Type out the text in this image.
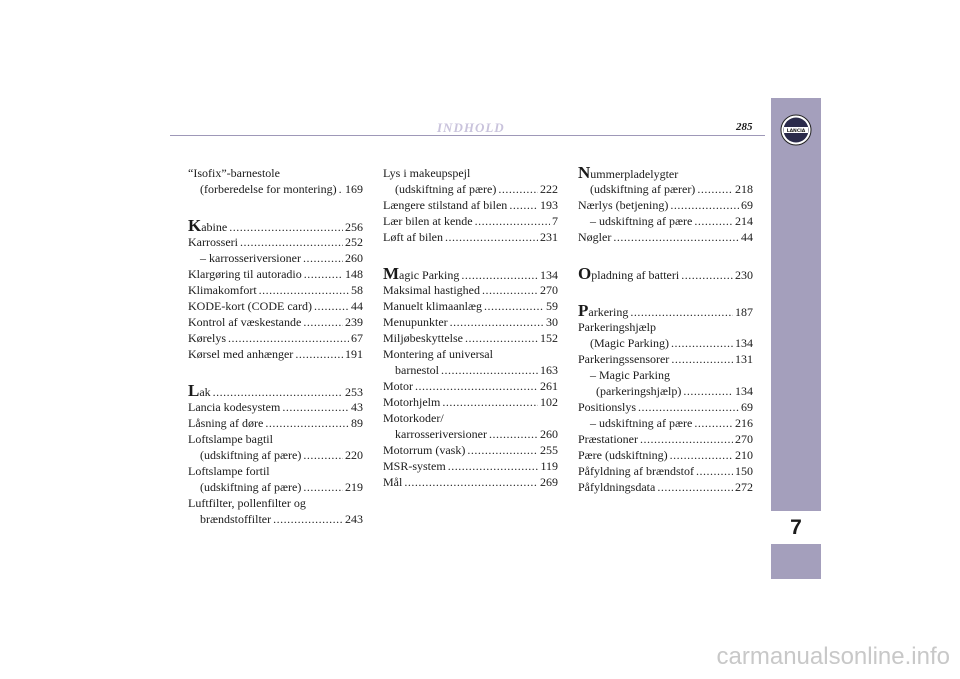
INDHOLD	285	LANCIA
7
“Isofix”-barnestole
(forberedelse for montering) ..... 169
Kabine .....	256
Karrosseri .....	252
– karrosseriversioner .....	260
Klargøring til autoradio .....	148
Klimakomfort .....	58
KODE-kort (CODE card) .....	44
Kontrol af væskestande .....	239
Kørelys .....	67
Kørsel med anhænger .....	191
Lak .....	253
Lancia kodesystem .....	43
Låsning af døre .....	89
Loftslampe bagtil
(udskiftning af pære) .....	220
Loftslampe fortil
(udskiftning af pære) .....	219
Luftfilter, pollenfilter og
brændstoffilter .....	243
Lys i makeupspejl
(udskiftning af pære) .....	222
Længere stilstand af bilen .....	193
Lær bilen at kende .....	7
Løft af bilen .....	231
Magic Parking .....	134
Maksimal hastighed .....	270
Manuelt klimaanlæg .....	59
Menupunkter .....	30
Miljøbeskyttelse .....	152
Montering af universal
barnestol .....	163
Motor .....	261
Motorhjelm .....	102
Motorkoder/
karrosseriversioner .....	260
Motorrum (vask) .....	255
MSR-system .....	119
Mål .....	269
Nummerpladelygter
(udskiftning af pærer) .....	218
Nærlys (betjening) .....	69
– udskiftning af pære .....	214
Nøgler .....	44
Opladning af batteri .....	230
Parkering .....	187
Parkeringshjælp
(Magic Parking) .....	134
Parkeringssensorer .....	131
– Magic Parking
(parkeringshjælp) .....	134
Positionslys .....	69
– udskiftning af pære .....	216
Præstationer .....	270
Pære (udskiftning) .....	210
Påfyldning af brændstof .....	150
Påfyldningsdata .....	272
carmanualsonline.info
